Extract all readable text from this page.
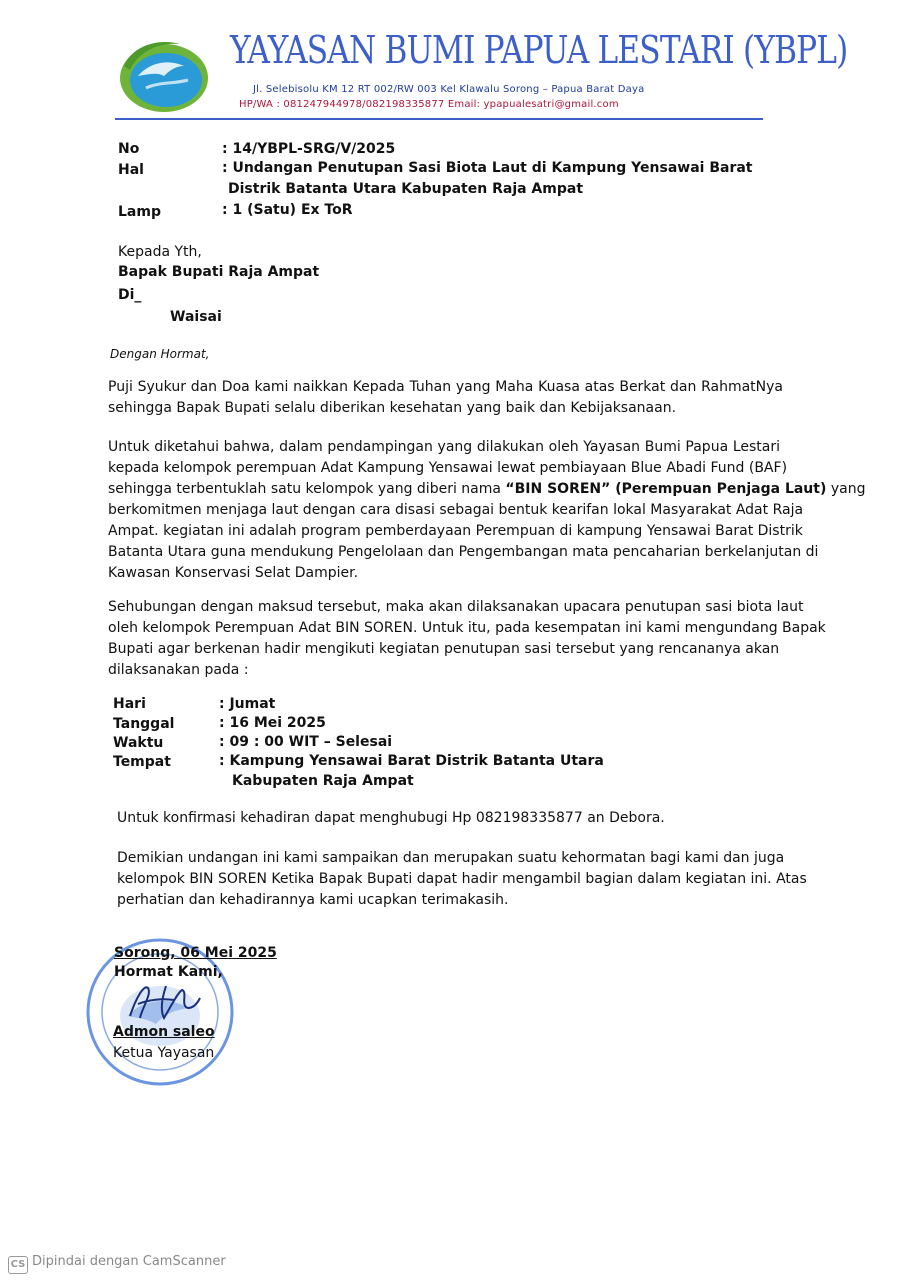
YAYASAN BUMI PAPUA LESTARI (YBPL)
Jl. Selebisolu KM 12 RT 002/RW 003 Kel Klawalu Sorong – Papua Barat Daya
HP/WA : 081247944978/082198335877 Email: ypapualesatri@gmail.com
No	: 14/YBPL-SRG/V/2025
Hal	: Undangan Penutupan Sasi Biota Laut di Kampung Yensawai Barat
Distrik Batanta Utara Kabupaten Raja Ampat
Lamp	: 1 (Satu) Ex ToR
Kepada Yth,
Bapak Bupati Raja Ampat
Di_
Waisai
Dengan Hormat,
Puji Syukur dan Doa kami naikkan Kepada Tuhan yang Maha Kuasa atas Berkat dan RahmatNya
sehingga Bapak Bupati selalu diberikan kesehatan yang baik dan Kebijaksanaan.
Untuk diketahui bahwa, dalam pendampingan yang dilakukan oleh Yayasan Bumi Papua Lestari
kepada kelompok perempuan Adat Kampung Yensawai lewat pembiayaan Blue Abadi Fund (BAF)
sehingga terbentuklah satu kelompok yang diberi nama “BIN SOREN” (Perempuan Penjaga Laut) yang
berkomitmen menjaga laut dengan cara disasi sebagai bentuk kearifan lokal Masyarakat Adat Raja
Ampat. kegiatan ini adalah program pemberdayaan Perempuan di kampung Yensawai Barat Distrik
Batanta Utara guna mendukung Pengelolaan dan Pengembangan mata pencaharian berkelanjutan di
Kawasan Konservasi Selat Dampier.
Sehubungan dengan maksud tersebut, maka akan dilaksanakan upacara penutupan sasi biota laut
oleh kelompok Perempuan Adat BIN SOREN. Untuk itu, pada kesempatan ini kami mengundang Bapak
Bupati agar berkenan hadir mengikuti kegiatan penutupan sasi tersebut yang rencananya akan
dilaksanakan pada :
Hari	: Jumat
Tanggal	: 16 Mei 2025
Waktu	: 09 : 00 WIT – Selesai
Tempat	: Kampung Yensawai Barat Distrik Batanta Utara
Kabupaten Raja Ampat
Untuk konfirmasi kehadiran dapat menghubugi Hp 082198335877 an Debora.
Demikian undangan ini kami sampaikan dan merupakan suatu kehormatan bagi kami dan juga
kelompok BIN SOREN Ketika Bapak Bupati dapat hadir mengambil bagian dalam kegiatan ini. Atas
perhatian dan kehadirannya kami ucapkan terimakasih.
Sorong, 06 Mei 2025
Hormat Kami,
Admon saleo
Ketua Yayasan
CS Dipindai dengan CamScanner
